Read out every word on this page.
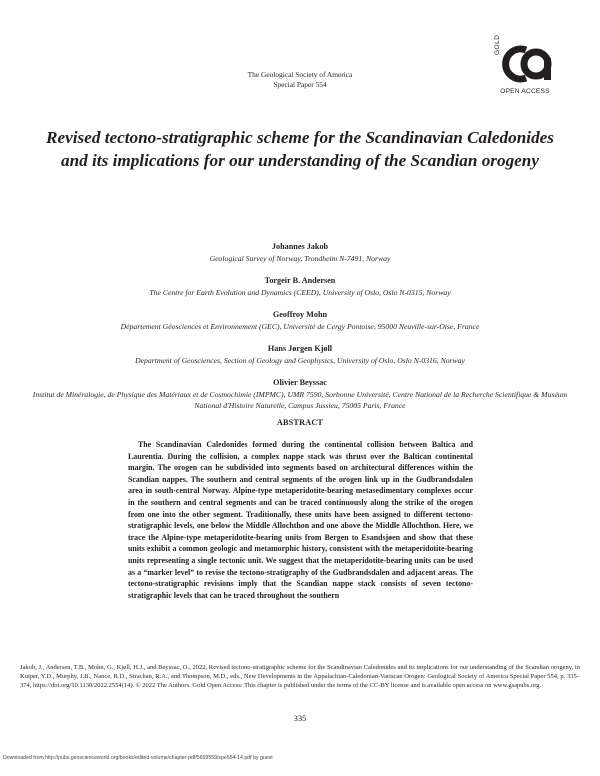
The Geological Society of America
Special Paper 554
GOLD
OPEN ACCESS
Revised tectono-stratigraphic scheme for the Scandinavian Caledonides and its implications for our understanding of the Scandian orogeny
Johannes Jakob
Geological Survey of Norway, Trondheim N-7491, Norway
Torgeir B. Andersen
The Centre for Earth Evolution and Dynamics (CEED), University of Oslo, Oslo N-0315, Norway
Geoffroy Mohn
Département Géosciences et Environnement (GEC), Université de Cergy Pontoise, 95000 Neuville-sur-Oise, France
Hans Jørgen Kjøll
Department of Geosciences, Section of Geology and Geophysics, University of Oslo, Oslo N-0316, Norway
Olivier Beyssac
Institut de Minéralogie, de Physique des Matériaux et de Cosmochimie (IMPMC), UMR 7590, Sorbonne Université, Centre National de la Recherche Scientifique & Muséum National d'Histoire Naturelle, Campus Jussieu, 75005 Paris, France
ABSTRACT
The Scandinavian Caledonides formed during the continental collision between Baltica and Laurentia. During the collision, a complex nappe stack was thrust over the Baltican continental margin. The orogen can be subdivided into segments based on architectural differences within the Scandian nappes. The southern and central segments of the orogen link up in the Gudbrandsdalen area in south-central Norway. Alpine-type metaperidotite-bearing metasedimentary complexes occur in the southern and central segments and can be traced continuously along the strike of the orogen from one into the other segment. Traditionally, these units have been assigned to different tectono-stratigraphic levels, one below the Middle Allochthon and one above the Middle Allochthon. Here, we trace the Alpine-type metaperidotite-bearing units from Bergen to Esandsjøen and show that these units exhibit a common geologic and metamorphic history, consistent with the metaperidotite-bearing units representing a single tectonic unit. We suggest that the metaperidotite-bearing units can be used as a “marker level” to revise the tectono-stratigraphy of the Gudbrandsdalen and adjacent areas. The tectono-stratigraphic revisions imply that the Scandian nappe stack consists of seven tectono-stratigraphic levels that can be traced throughout the southern
Jakob, J., Andersen, T.B., Mohn, G., Kjøll, H.J., and Beyssac, O., 2022, Revised tectono-stratigraphic scheme for the Scandinavian Caledonides and its implications for our understanding of the Scandian orogeny, in Kuiper, Y.D., Murphy, J.B., Nance, R.D., Strachan, R.A., and Thompson, M.D., eds., New Developments in the Appalachian-Caledonian-Variscan Orogen: Geological Society of America Special Paper 554, p. 335–374, https://doi.org/10.1130/2022.2554(14). © 2022 The Authors. Gold Open Access: This chapter is published under the terms of the CC-BY license and is available open access on www.gsapubs.org.
335
Downloaded from http://pubs.geoscienceworld.org/books/edited-volume/chapter-pdf/5659559/spe554-14.pdf by guest
